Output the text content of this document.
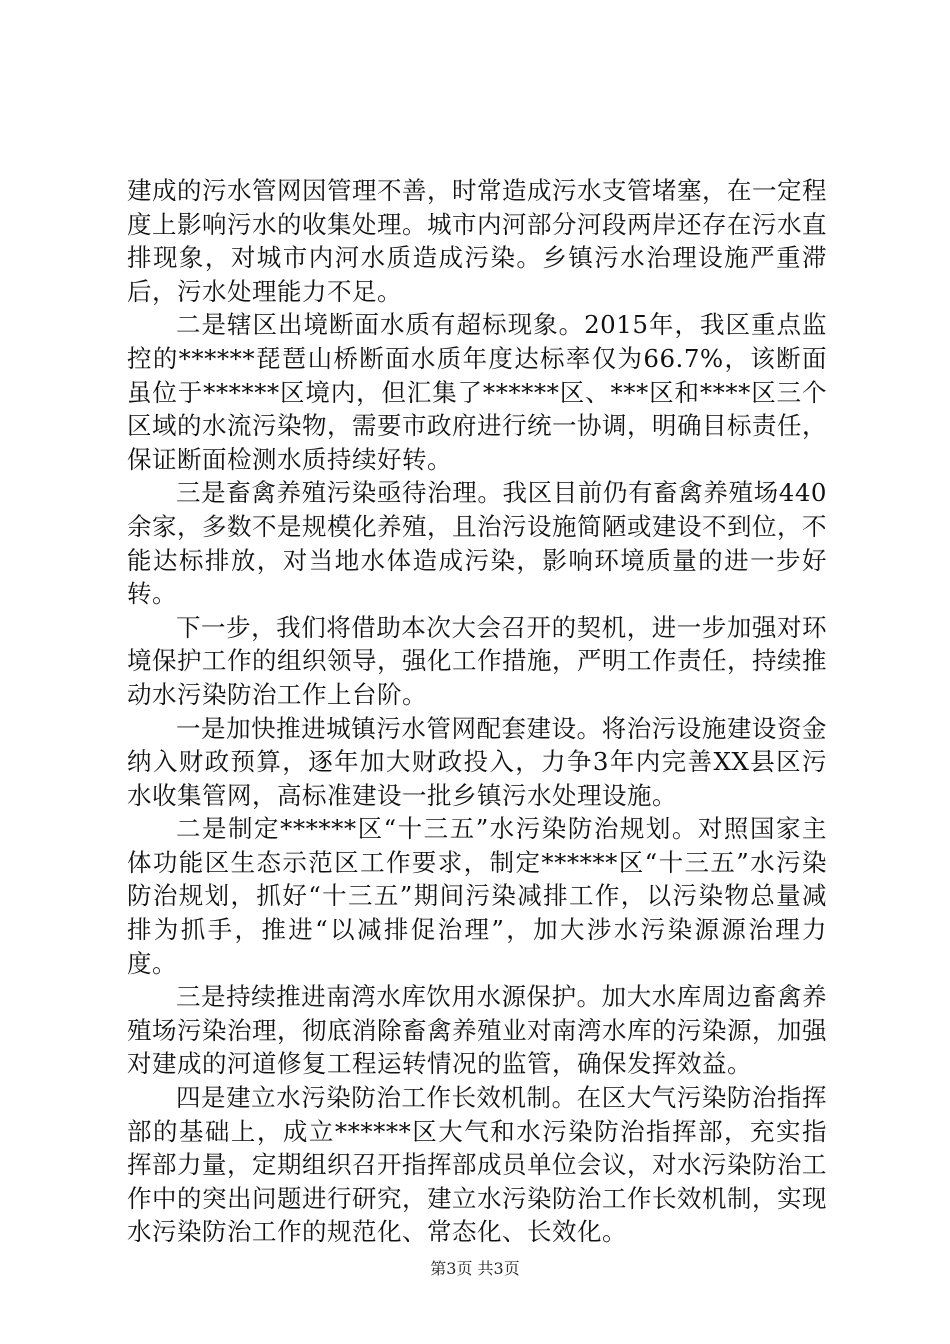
建成的污水管网因管理不善，时常造成污水支管堵塞，在一定程度上影响污水的收集处理。城市内河部分河段两岸还存在污水直排现象，对城市内河水质造成污染。乡镇污水治理设施严重滞后，污水处理能力不足。

二是辖区出境断面水质有超标现象。2015年，我区重点监控的******琵琶山桥断面水质年度达标率仅为66.7%，该断面虽位于******区境内，但汇集了******区、***区和****区三个区域的水流污染物，需要市政府进行统一协调，明确目标责任，保证断面检测水质持续好转。

三是畜禽养殖污染亟待治理。我区目前仍有畜禽养殖场440余家，多数不是规模化养殖，且治污设施简陋或建设不到位，不能达标排放，对当地水体造成污染，影响环境质量的进一步好转。

下一步，我们将借助本次大会召开的契机，进一步加强对环境保护工作的组织领导，强化工作措施，严明工作责任，持续推动水污染防治工作上台阶。

一是加快推进城镇污水管网配套建设。将治污设施建设资金纳入财政预算，逐年加大财政投入，力争3年内完善XX县区污水收集管网，高标准建设一批乡镇污水处理设施。

二是制定******区“十三五”水污染防治规划。对照国家主体功能区生态示范区工作要求，制定******区“十三五”水污染防治规划，抓好“十三五”期间污染减排工作，以污染物总量减排为抓手，推进“以减排促治理”，加大涉水污染源源治理力度。

三是持续推进南湾水库饮用水源保护。加大水库周边畜禽养殖场污染治理，彻底消除畜禽养殖业对南湾水库的污染源，加强对建成的河道修复工程运转情况的监管，确保发挥效益。

四是建立水污染防治工作长效机制。在区大气污染防治指挥部的基础上，成立******区大气和水污染防治指挥部，充实指挥部力量，定期组织召开指挥部成员单位会议，对水污染防治工作中的突出问题进行研究，建立水污染防治工作长效机制，实现水污染防治工作的规范化、常态化、长效化。

第3页 共3页
